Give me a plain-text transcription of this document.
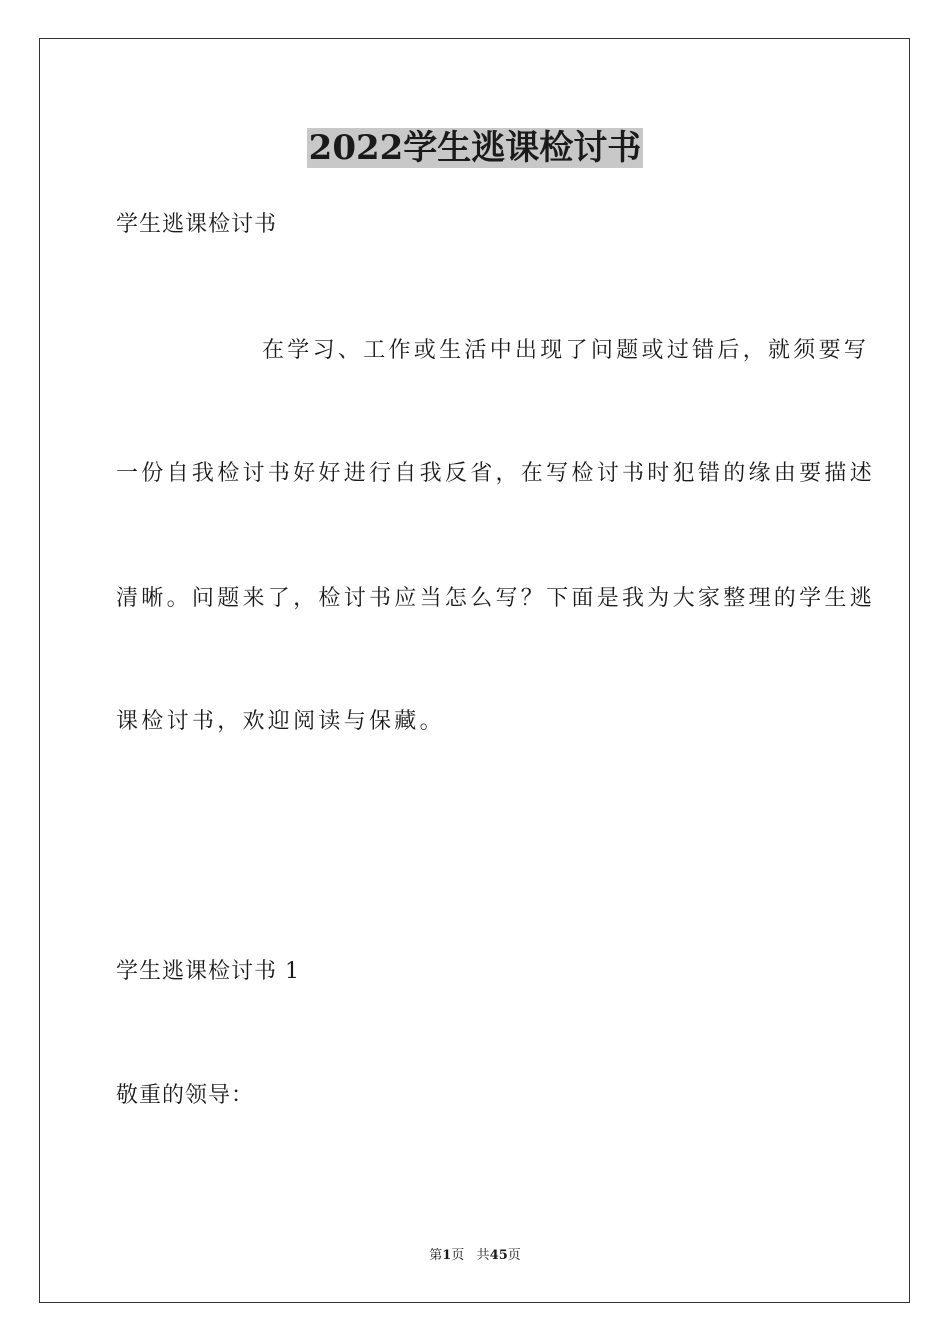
2022学生逃课检讨书

学生逃课检讨书

在学习、工作或生活中出现了问题或过错后，就须要写

一份自我检讨书好好进行自我反省，在写检讨书时犯错的缘由要描述

清晰。问题来了，检讨书应当怎么写？下面是我为大家整理的学生逃

课检讨书，欢迎阅读与保藏。

学生逃课检讨书 1

敬重的领导：

第1页 共45页
